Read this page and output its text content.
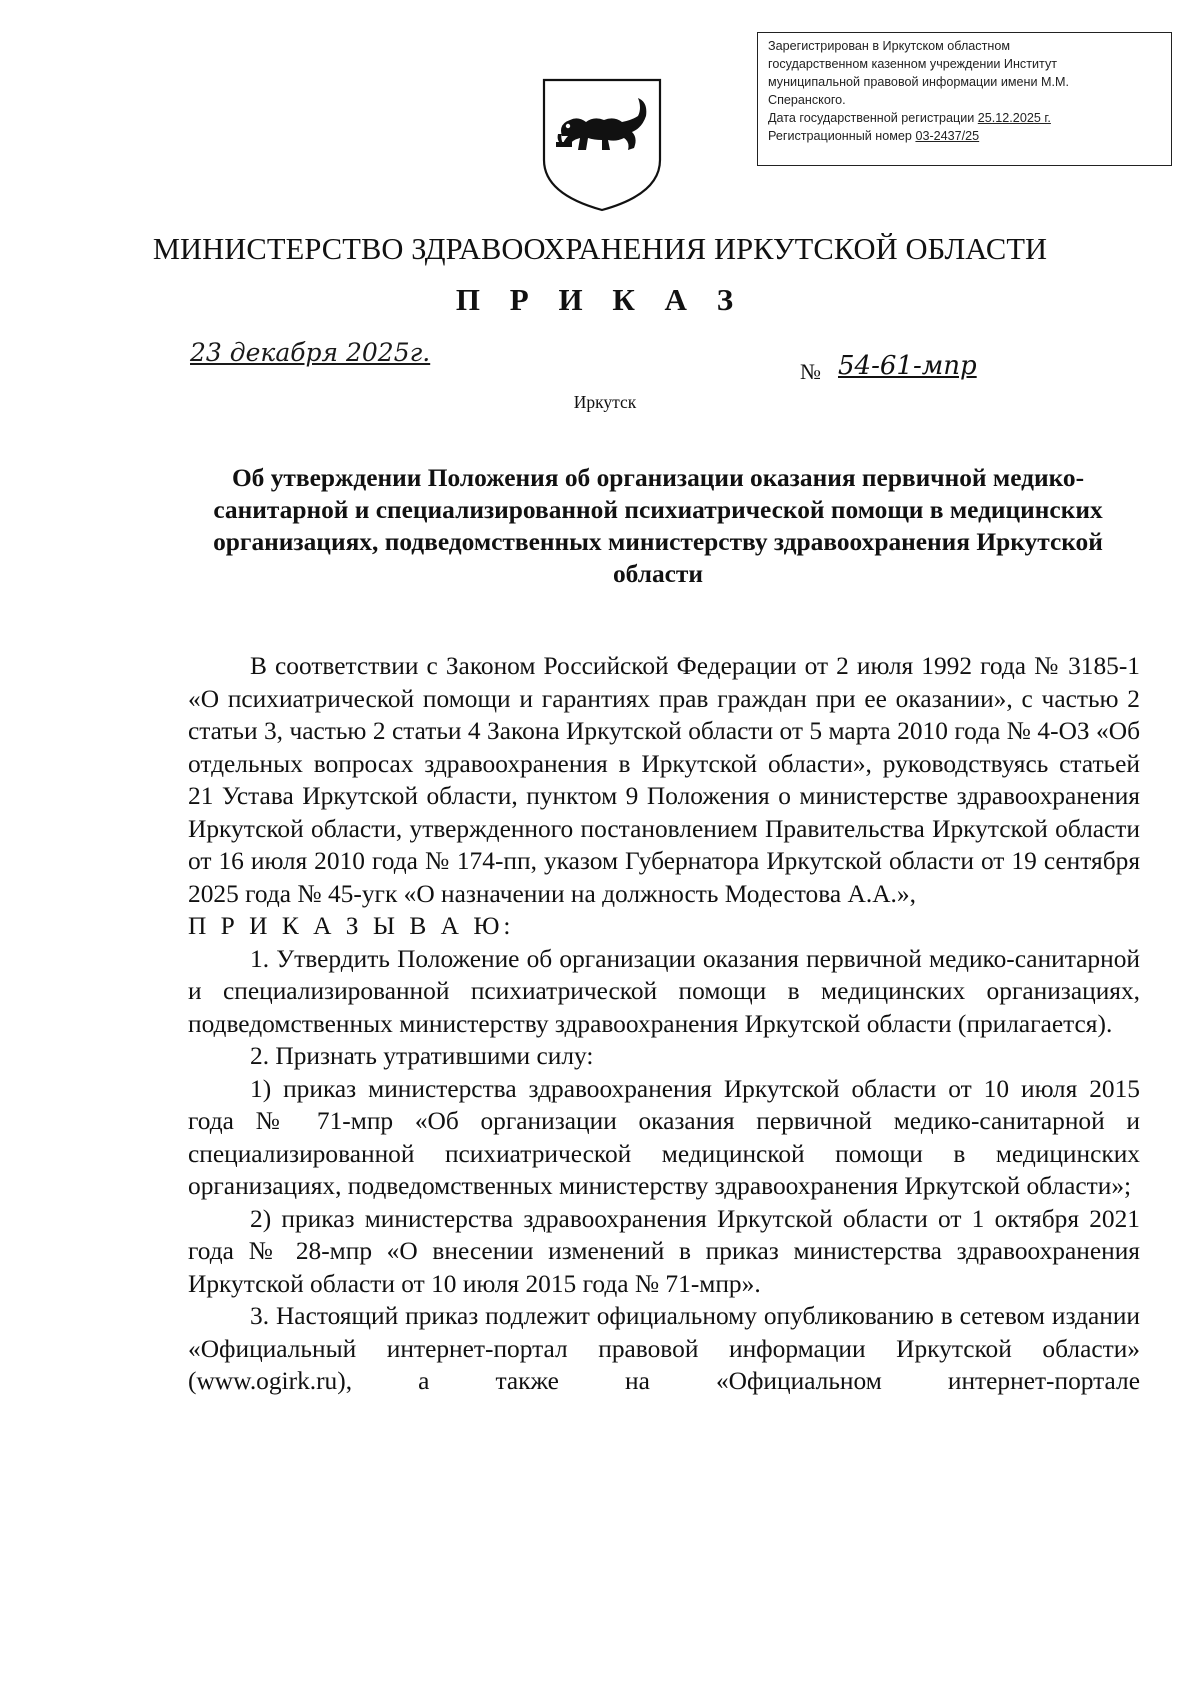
Зарегистрирован в Иркутском областном
государственном казенном учреждении Институт
муниципальной правовой информации имени М.М.
Сперанского.
Дата государственной регистрации 25.12.2025 г.
Регистрационный номер 03-2437/25
МИНИСТЕРСТВО ЗДРАВООХРАНЕНИЯ ИРКУТСКОЙ ОБЛАСТИ
П Р И К А З
23 декабря 2025г.
№ 54-61-мпр
Иркутск
Об утверждении Положения об организации оказания первичной медико-санитарной и специализированной психиатрической помощи в медицинских организациях, подведомственных министерству здравоохранения Иркутской области

В соответствии с Законом Российской Федерации от 2 июля 1992 года № 3185-1 «О психиатрической помощи и гарантиях прав граждан при ее оказании», с частью 2 статьи 3, частью 2 статьи 4 Закона Иркутской области от 5 марта 2010 года № 4-ОЗ «Об отдельных вопросах здравоохранения в Иркутской области», руководствуясь статьей 21 Устава Иркутской области, пунктом 9 Положения о министерстве здравоохранения Иркутской области, утвержденного постановлением Правительства Иркутской области от 16 июля 2010 года № 174-пп, указом Губернатора Иркутской области от 19 сентября 2025 года № 45-угк «О назначении на должность Модестова А.А.»,

П Р И К А З Ы В А Ю:

1. Утвердить Положение об организации оказания первичной медико-санитарной и специализированной психиатрической помощи в медицинских организациях, подведомственных министерству здравоохранения Иркутской области (прилагается).

2. Признать утратившими силу:

1) приказ министерства здравоохранения Иркутской области от 10 июля 2015 года № 71-мпр «Об организации оказания первичной медико-санитарной и специализированной психиатрической медицинской помощи в медицинских организациях, подведомственных министерству здравоохранения Иркутской области»;

2) приказ министерства здравоохранения Иркутской области от 1 октября 2021 года № 28-мпр «О внесении изменений в приказ министерства здравоохранения Иркутской области от 10 июля 2015 года № 71-мпр».

3. Настоящий приказ подлежит официальному опубликованию в сетевом издании «Официальный интернет-портал правовой информации Иркутской области» (www.ogirk.ru), а также на «Официальном интернет-портале
